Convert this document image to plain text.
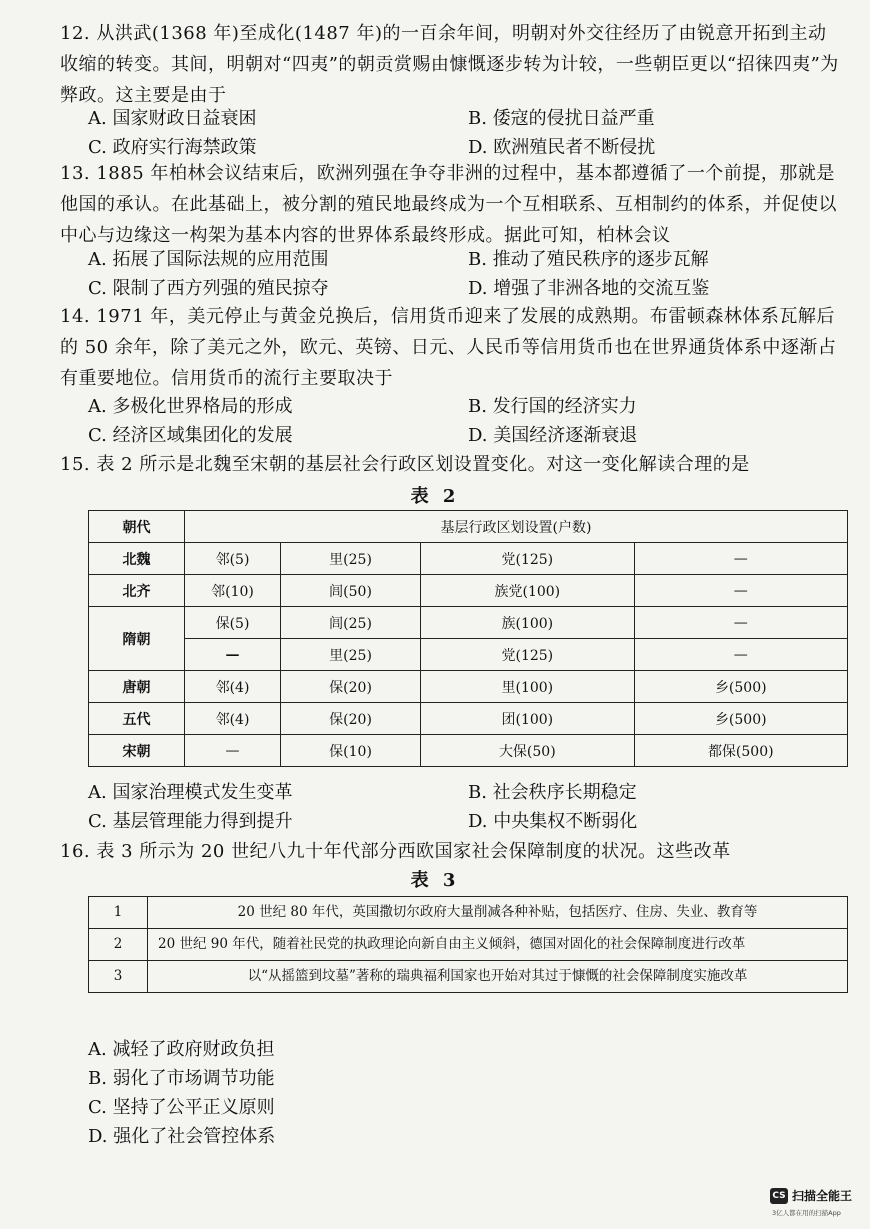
12. 从洪武(1368 年)至成化(1487 年)的一百余年间，明朝对外交往经历了由锐意开拓到主动收缩的转变。其间，明朝对“四夷”的朝贡赏赐由慷慨逐步转为计较，一些朝臣更以“招徕四夷”为弊政。这主要是由于
A. 国家财政日益衰困	B. 倭寇的侵扰日益严重
C. 政府实行海禁政策	D. 欧洲殖民者不断侵扰
13. 1885 年柏林会议结束后，欧洲列强在争夺非洲的过程中，基本都遵循了一个前提，那就是他国的承认。在此基础上，被分割的殖民地最终成为一个互相联系、互相制约的体系，并促使以中心与边缘这一构架为基本内容的世界体系最终形成。据此可知，柏林会议
A. 拓展了国际法规的应用范围	B. 推动了殖民秩序的逐步瓦解
C. 限制了西方列强的殖民掠夺	D. 增强了非洲各地的交流互鉴
14. 1971 年，美元停止与黄金兑换后，信用货币迎来了发展的成熟期。布雷顿森林体系瓦解后的 50 余年，除了美元之外，欧元、英镑、日元、人民币等信用货币也在世界通货体系中逐渐占有重要地位。信用货币的流行主要取决于
A. 多极化世界格局的形成	B. 发行国的经济实力
C. 经济区域集团化的发展	D. 美国经济逐渐衰退
15. 表 2 所示是北魏至宋朝的基层社会行政区划设置变化。对这一变化解读合理的是
表 2
朝代	基层行政区划设置(户数)			
北魏	邻(5)	里(25)	党(125)	—
北齐	邻(10)	闾(50)	族党(100)	—
隋朝	保(5)	闾(25)	族(100)	—
	—	里(25)	党(125)	—
唐朝	邻(4)	保(20)	里(100)	乡(500)
五代	邻(4)	保(20)	团(100)	乡(500)
宋朝	—	保(10)	大保(50)	都保(500)
A. 国家治理模式发生变革	B. 社会秩序长期稳定
C. 基层管理能力得到提升	D. 中央集权不断弱化
16. 表 3 所示为 20 世纪八九十年代部分西欧国家社会保障制度的状况。这些改革
表 3
1	20 世纪 80 年代，英国撒切尔政府大量削减各种补贴，包括医疗、住房、失业、教育等
2	20 世纪 90 年代，随着社民党的执政理论向新自由主义倾斜，德国对固化的社会保障制度进行改革
3	以“从摇篮到坟墓”著称的瑞典福利国家也开始对其过于慷慨的社会保障制度实施改革
A. 减轻了政府财政负担
B. 弱化了市场调节功能
C. 坚持了公平正义原则
D. 强化了社会管控体系
CS 扫描全能王
3亿人都在用的扫描App
